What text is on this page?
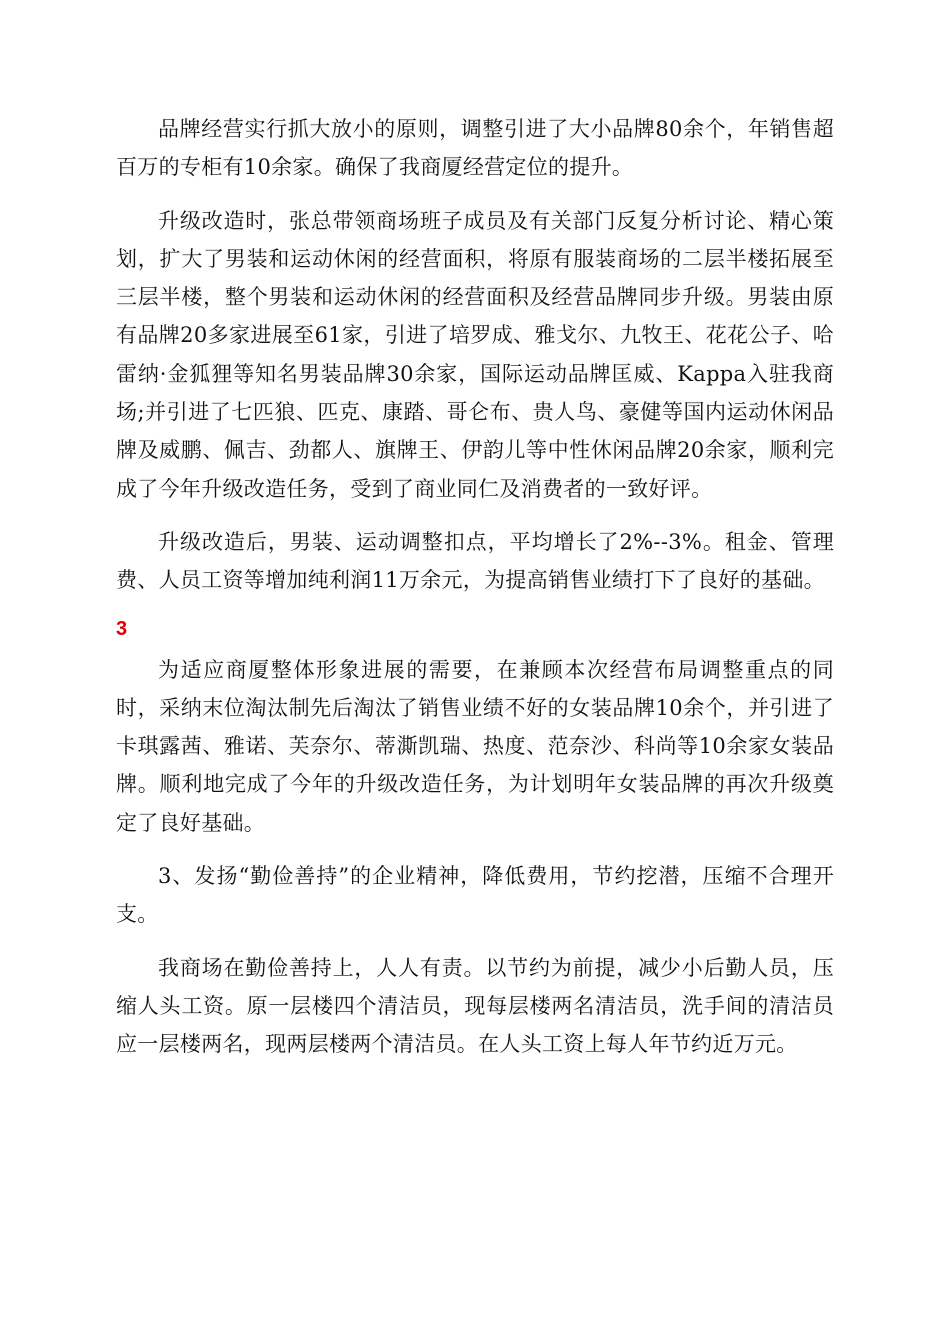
品牌经营实行抓大放小的原则，调整引进了大小品牌80余个，年销售超百万的专柜有10余家。确保了我商厦经营定位的提升。

升级改造时，张总带领商场班子成员及有关部门反复分析讨论、精心策划，扩大了男装和运动休闲的经营面积，将原有服装商场的二层半楼拓展至三层半楼，整个男装和运动休闲的经营面积及经营品牌同步升级。男装由原有品牌20多家进展至61家，引进了培罗成、雅戈尔、九牧王、花花公子、哈雷纳·金狐狸等知名男装品牌30余家，国际运动品牌匡威、Kappa入驻我商场;并引进了七匹狼、匹克、康踏、哥仑布、贵人鸟、豪健等国内运动休闲品牌及威鹏、佩吉、劲都人、旗牌王、伊韵儿等中性休闲品牌20余家，顺利完成了今年升级改造任务，受到了商业同仁及消费者的一致好评。

升级改造后，男装、运动调整扣点，平均增长了2%--3%。租金、管理费、人员工资等增加纯利润11万余元，为提高销售业绩打下了良好的基础。

3

为适应商厦整体形象进展的需要，在兼顾本次经营布局调整重点的同时，采纳末位淘汰制先后淘汰了销售业绩不好的女装品牌10余个，并引进了卡琪露茜、雅诺、芙奈尔、蒂澌凯瑞、热度、范奈沙、科尚等10余家女装品牌。顺利地完成了今年的升级改造任务，为计划明年女装品牌的再次升级奠定了良好基础。

3、发扬“勤俭善持”的企业精神，降低费用，节约挖潜，压缩不合理开支。

我商场在勤俭善持上，人人有责。以节约为前提，减少小后勤人员，压缩人头工资。原一层楼四个清洁员，现每层楼两名清洁员，洗手间的清洁员应一层楼两名，现两层楼两个清洁员。在人头工资上每人年节约近万元。
